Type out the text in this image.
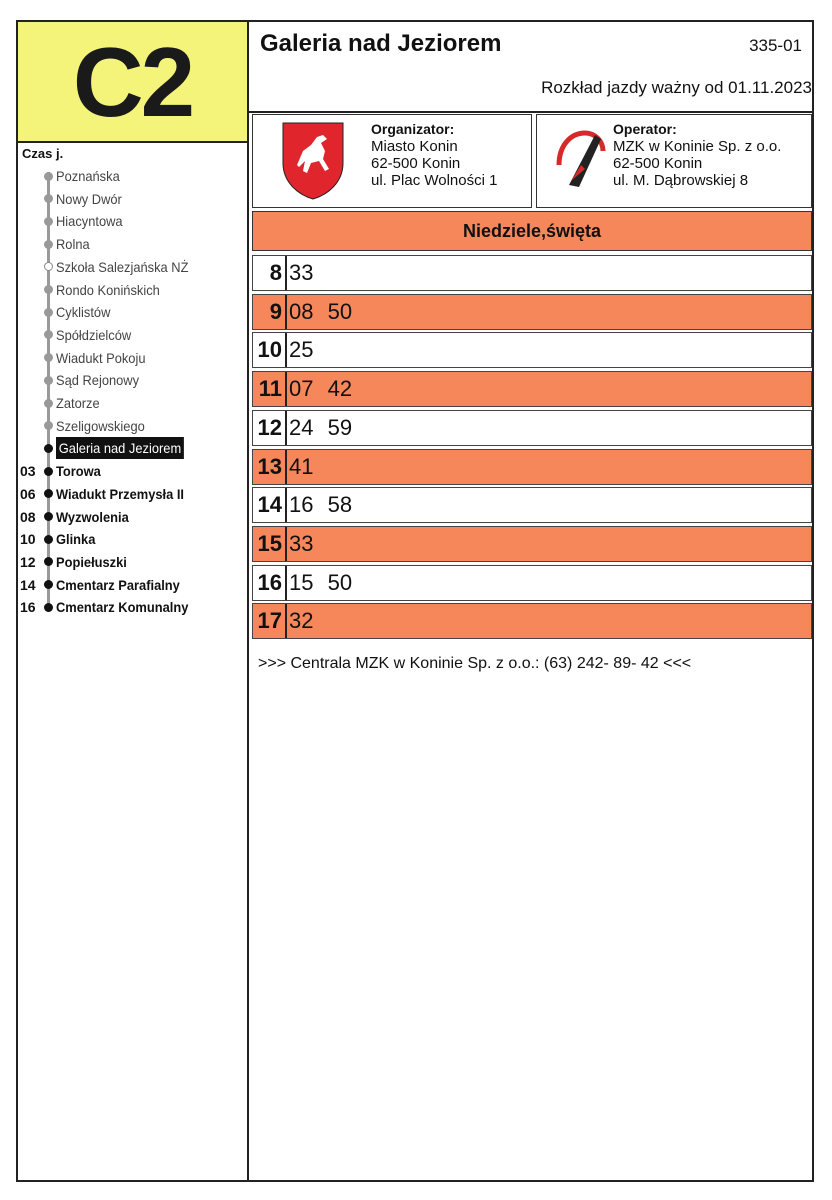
C2	Galeria nad Jeziorem	335-01
Rozkład jazdy ważny od 01.11.2023
Organizator:
Miasto Konin
62-500 Konin
ul. Plac Wolności 1
Operator:
MZK w Koninie Sp. z o.o.
62-500 Konin
ul. M. Dąbrowskiej 8
Niedziele,święta
8 33
9 08 50
10 25
11 07 42
12 24 59
13 41
14 16 58
15 33
16 15 50
17 32
>>> Centrala MZK w Koninie Sp. z o.o.: (63) 242- 89- 42 <<<
Czas j.
Poznańska
Nowy Dwór
Hiacyntowa
Rolna
Szkoła Salezjańska NŻ
Rondo Konińskich
Cyklistów
Spółdzielców
Wiadukt Pokoju
Sąd Rejonowy
Zatorze
Szeligowskiego
Galeria nad Jeziorem
03	Torowa
06	Wiadukt Przemysła II
08	Wyzwolenia
10	Glinka
12	Popiełuszki
14	Cmentarz Parafialny
16	Cmentarz Komunalny
